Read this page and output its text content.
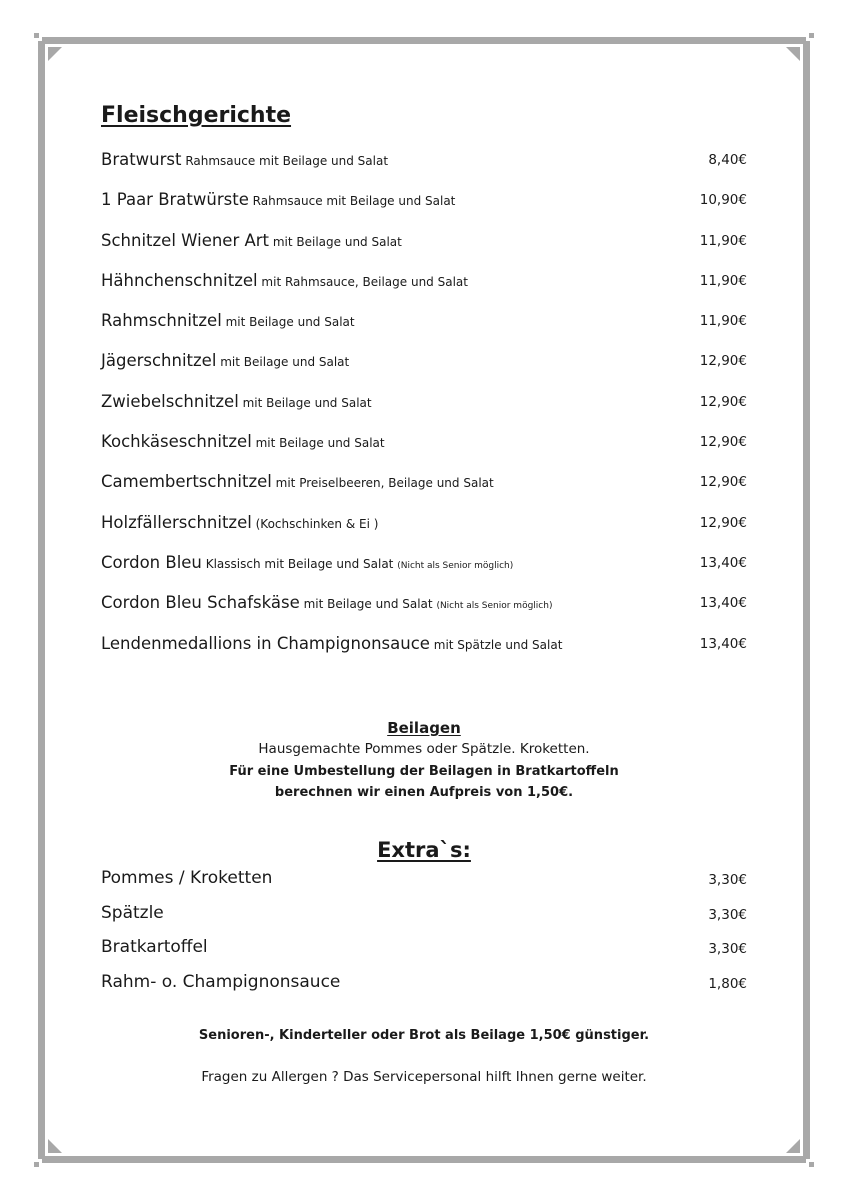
Fleischgerichte
Bratwurst Rahmsauce mit Beilage und Salat	8,40€
1 Paar Bratwürste Rahmsauce mit Beilage und Salat	10,90€
Schnitzel Wiener Art mit Beilage und Salat	11,90€
Hähnchenschnitzel mit Rahmsauce, Beilage und Salat	11,90€
Rahmschnitzel mit Beilage und Salat	11,90€
Jägerschnitzel mit Beilage und Salat	12,90€
Zwiebelschnitzel mit Beilage und Salat	12,90€
Kochkäseschnitzel mit Beilage und Salat	12,90€
Camembertschnitzel mit Preiselbeeren, Beilage und Salat	12,90€
Holzfällerschnitzel (Kochschinken & Ei )	12,90€
Cordon Bleu Klassisch mit Beilage und Salat (Nicht als Senior möglich)	13,40€
Cordon Bleu Schafskäse mit Beilage und Salat (Nicht als Senior möglich)	13,40€
Lendenmedallions in Champignonsauce mit Spätzle und Salat	13,40€
Beilagen
Hausgemachte Pommes oder Spätzle. Kroketten.
Für eine Umbestellung der Beilagen in Bratkartoffeln
berechnen wir einen Aufpreis von 1,50€.
Extra`s:
Pommes / Kroketten	3,30€
Spätzle	3,30€
Bratkartoffel	3,30€
Rahm- o. Champignonsauce	1,80€
Senioren-, Kinderteller oder Brot als Beilage 1,50€ günstiger.
Fragen zu Allergen ? Das Servicepersonal hilft Ihnen gerne weiter.
